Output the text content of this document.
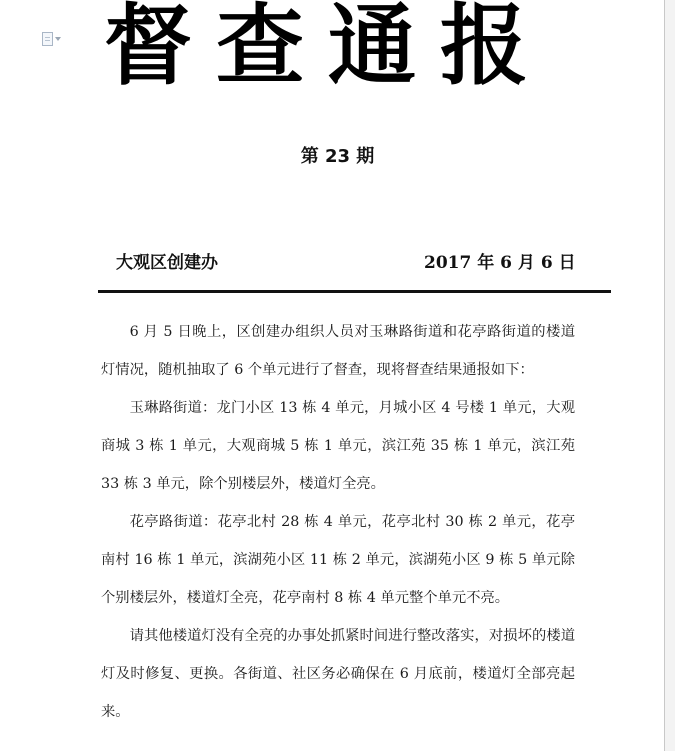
督查通报
第 23 期
大观区创建办	2017 年 6 月 6 日

6 月 5 日晚上，区创建办组织人员对玉琳路街道和花亭路街道的楼道灯情况，随机抽取了 6 个单元进行了督查，现将督查结果通报如下：

玉琳路街道：龙门小区 13 栋 4 单元，月城小区 4 号楼 1 单元，大观商城 3 栋 1 单元，大观商城 5 栋 1 单元，滨江苑 35 栋 1 单元，滨江苑 33 栋 3 单元，除个别楼层外，楼道灯全亮。

花亭路街道：花亭北村 28 栋 4 单元，花亭北村 30 栋 2 单元，花亭南村 16 栋 1 单元，滨湖苑小区 11 栋 2 单元，滨湖苑小区 9 栋 5 单元除个别楼层外，楼道灯全亮，花亭南村 8 栋 4 单元整个单元不亮。

请其他楼道灯没有全亮的办事处抓紧时间进行整改落实，对损坏的楼道灯及时修复、更换。各街道、社区务必确保在 6 月底前，楼道灯全部亮起来。
